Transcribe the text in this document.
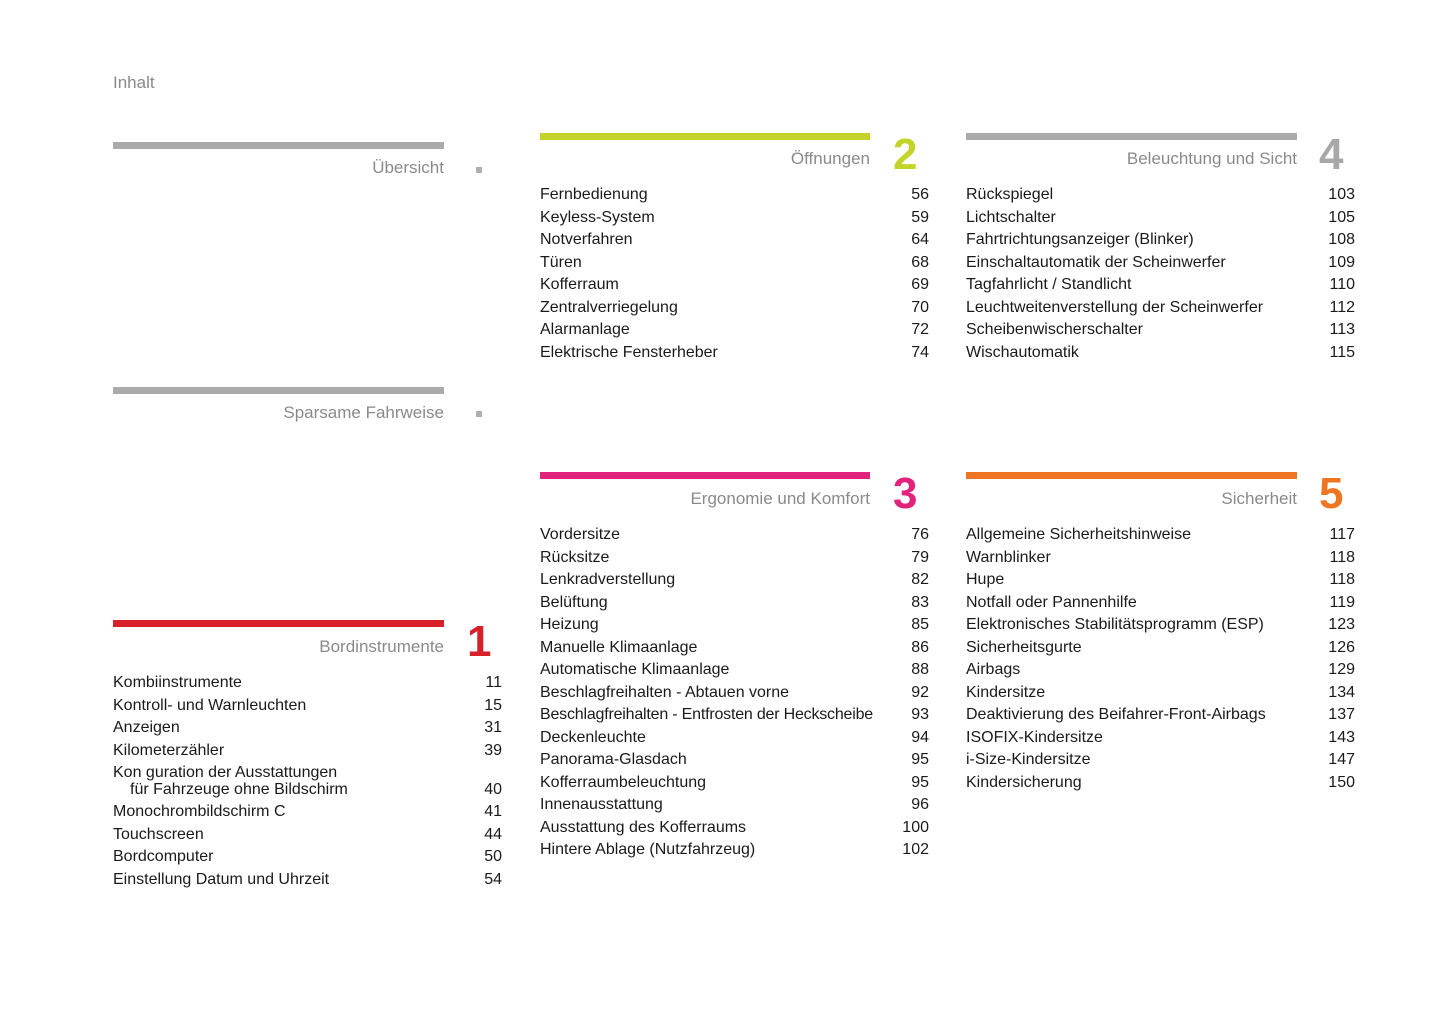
Inhalt
Übersicht
Sparsame Fahrweise
Bordinstrumente 1
Kombiinstrumente	11
Kontroll- und Warnleuchten	15
Anzeigen	31
Kilometerzähler	39
Kon guration der Ausstattungen
für Fahrzeuge ohne Bildschirm	40
Monochrombildschirm C	41
Touchscreen	44
Bordcomputer	50
Einstellung Datum und Uhrzeit	54
Öffnungen 2
Fernbedienung	56
Keyless-System	59
Notverfahren	64
Türen	68
Kofferraum	69
Zentralverriegelung	70
Alarmanlage	72
Elektrische Fensterheber	74
Ergonomie und Komfort 3
Vordersitze	76
Rücksitze	79
Lenkradverstellung	82
Belüftung	83
Heizung	85
Manuelle Klimaanlage	86
Automatische Klimaanlage	88
Beschlagfreihalten - Abtauen vorne	92
Beschlagfreihalten - Entfrosten der Heckscheibe 93
Deckenleuchte	94
Panorama-Glasdach	95
Kofferraumbeleuchtung	95
Innenausstattung	96
Ausstattung des Kofferraums	100
Hintere Ablage (Nutzfahrzeug)	102
Beleuchtung und Sicht 4
Rückspiegel	103
Lichtschalter	105
Fahrtrichtungsanzeiger (Blinker)	108
Einschaltautomatik der Scheinwerfer	109
Tagfahrlicht / Standlicht	110
Leuchtweitenverstellung der Scheinwerfer	112
Scheibenwischerschalter	113
Wischautomatik	115
Sicherheit 5
Allgemeine Sicherheitshinweise	117
Warnblinker	118
Hupe	118
Notfall oder Pannenhilfe	119
Elektronisches Stabilitätsprogramm (ESP)	123
Sicherheitsgurte	126
Airbags	129
Kindersitze	134
Deaktivierung des Beifahrer-Front-Airbags	137
ISOFIX-Kindersitze	143
i-Size-Kindersitze	147
Kindersicherung	150
